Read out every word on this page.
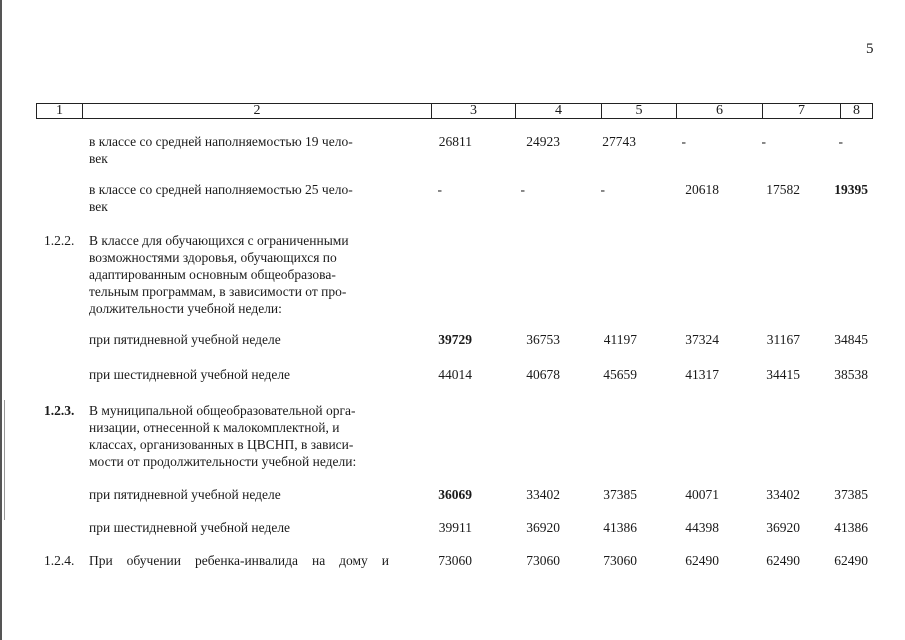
5
1	2	3	4	5	6	7	8
в классе со средней наполняемостью 19 чело-
век
26811	24923	27743	-	-	-
в классе со средней наполняемостью 25 чело-
век
-	-	-	20618	17582	19395
1.2.2. В классе для обучающихся с ограниченными
возможностями здоровья, обучающихся по
адаптированным основным общеобразова-
тельным программам, в зависимости от про-
должительности учебной недели:
при пятидневной учебной неделе	39729	36753	41197	37324	31167	34845
при шестидневной учебной неделе	44014	40678	45659	41317	34415	38538
1.2.3. В муниципальной общеобразовательной орга-
низации, отнесенной к малокомплектной, и
классах, организованных в ЦВСНП, в зависи-
мости от продолжительности учебной недели:
при пятидневной учебной неделе	36069	33402	37385	40071	33402	37385
при шестидневной учебной неделе	39911	36920	41386	44398	36920	41386
1.2.4. При обучении ребенка-инвалида на дому и	73060	73060	73060	62490	62490	62490
